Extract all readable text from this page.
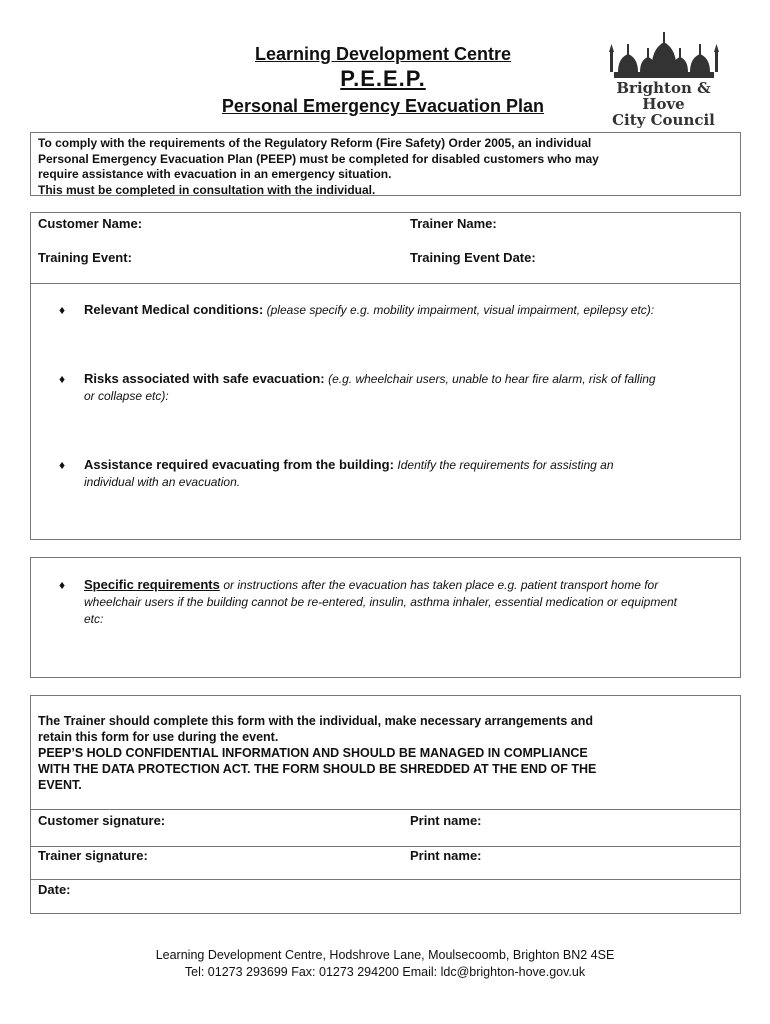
Learning Development Centre
P.E.E.P.
Personal Emergency Evacuation Plan
Brighton & Hove
City Council
To comply with the requirements of the Regulatory Reform (Fire Safety) Order 2005, an individual
Personal Emergency Evacuation Plan (PEEP) must be completed for disabled customers who may
require assistance with evacuation in an emergency situation.
This must be completed in consultation with the individual.
Customer Name:	Trainer Name:
Training Event:	Training Event Date:
♦ Relevant Medical conditions: (please specify e.g. mobility impairment, visual impairment, epilepsy etc):
♦ Risks associated with safe evacuation: (e.g. wheelchair users, unable to hear fire alarm, risk of falling
or collapse etc):
♦ Assistance required evacuating from the building: Identify the requirements for assisting an
individual with an evacuation.
♦ Specific requirements or instructions after the evacuation has taken place e.g. patient transport home for
wheelchair users if the building cannot be re-entered, insulin, asthma inhaler, essential medication or equipment
etc:
The Trainer should complete this form with the individual, make necessary arrangements and
retain this form for use during the event.
PEEP’S HOLD CONFIDENTIAL INFORMATION AND SHOULD BE MANAGED IN COMPLIANCE
WITH THE DATA PROTECTION ACT. THE FORM SHOULD BE SHREDDED AT THE END OF THE
EVENT.
Customer signature:	Print name:
Trainer signature:	Print name:
Date:
Learning Development Centre, Hodshrove Lane, Moulsecoomb, Brighton BN2 4SE
Tel: 01273 293699 Fax: 01273 294200 Email: ldc@brighton-hove.gov.uk
